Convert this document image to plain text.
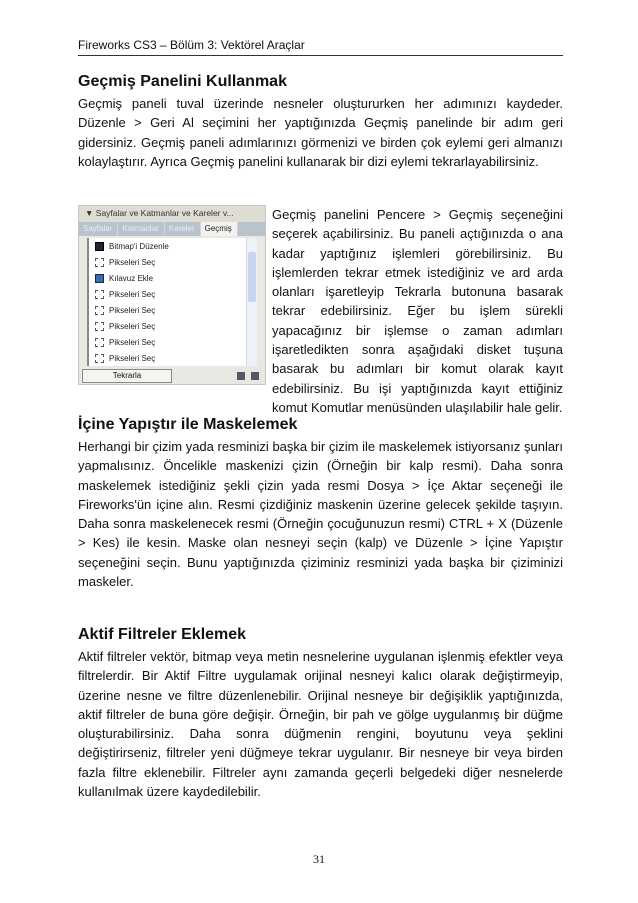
Fireworks CS3 – Bölüm 3: Vektörel Araçlar
Geçmiş Panelini Kullanmak

Geçmiş paneli tuval üzerinde nesneler oluştururken her adımınızı kaydeder. Düzenle > Geri Al seçimini her yaptığınızda Geçmiş panelinde bir adım geri gidersiniz. Geçmiş paneli adımlarınızı görmenizi ve birden çok eylemi geri almanızı kolaylaştırır. Ayrıca Geçmiş panelini kullanarak bir dizi eylemi tekrarlayabilirsiniz.

▼ Sayfalar ve Katmanlar ve Kareler v...
Sayfalar	Katmanlar	Kareler	Geçmiş
Bitmap'i Düzenle
Pikseleri Seç
Kılavuz Ekle
Pikseleri Seç
Pikseleri Seç
Pikseleri Seç
Pikseleri Seç
Pikseleri Seç
Tekrarla

Geçmiş panelini Pencere > Geçmiş seçeneğini seçerek açabilirsiniz. Bu paneli açtığınızda o ana kadar yaptığınız işlemleri görebilirsiniz. Bu işlemlerden tekrar etmek istediğiniz ve ard arda olanları işaretleyip Tekrarla butonuna basarak tekrar edebilirsiniz. Eğer bu işlem sürekli yapacağınız bir işlemse o zaman adımları işaretledikten sonra aşağıdaki disket tuşuna basarak bu adımları bir komut olarak kayıt edebilirsiniz. Bu işi yaptığınızda kayıt ettiğiniz komut Komutlar menüsünden ulaşılabilir hale gelir.

İçine Yapıştır ile Maskelemek

Herhangi bir çizim yada resminizi başka bir çizim ile maskelemek istiyorsanız şunları yapmalısınız. Öncelikle maskenizi çizin (Örneğin bir kalp resmi). Daha sonra maskelemek istediğiniz şekli çizin yada resmi Dosya > İçe Aktar seçeneği ile Fireworks'ün içine alın. Resmi çizdiğiniz maskenin üzerine gelecek şekilde taşıyın. Daha sonra maskelenecek resmi (Örneğin çocuğunuzun resmi) CTRL + X (Düzenle > Kes) ile kesin. Maske olan nesneyi seçin (kalp) ve Düzenle > İçine Yapıştır seçeneğini seçin. Bunu yaptığınızda çiziminiz resminizi yada başka bir çiziminizi maskeler.

Aktif Filtreler Eklemek

Aktif filtreler vektör, bitmap veya metin nesnelerine uygulanan işlenmiş efektler veya filtrelerdir. Bir Aktif Filtre uygulamak orijinal nesneyi kalıcı olarak değiştirmeyip, üzerine nesne ve filtre düzenlenebilir. Orijinal nesneye bir değişiklik yaptığınızda, aktif filtreler de buna göre değişir. Örneğin, bir pah ve gölge uygulanmış bir düğme oluşturabilirsiniz. Daha sonra düğmenin rengini, boyutunu veya şeklini değiştirirseniz, filtreler yeni düğmeye tekrar uygulanır. Bir nesneye bir veya birden fazla filtre eklenebilir. Filtreler aynı zamanda geçerli belgedeki diğer nesnelerde kullanılmak üzere kaydedilebilir.

31
